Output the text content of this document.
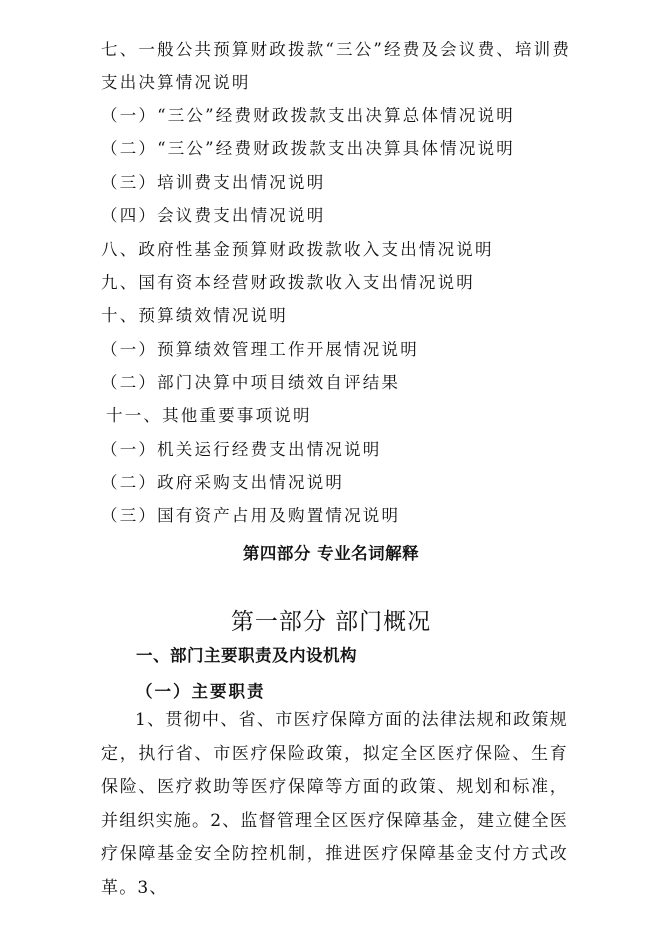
七、一般公共预算财政拨款“三公”经费及会议费、培训费
支出决算情况说明
（一）“三公”经费财政拨款支出决算总体情况说明
（二）“三公”经费财政拨款支出决算具体情况说明
（三）培训费支出情况说明
（四）会议费支出情况说明
八、政府性基金预算财政拨款收入支出情况说明
九、国有资本经营财政拨款收入支出情况说明
十、预算绩效情况说明
（一）预算绩效管理工作开展情况说明
（二）部门决算中项目绩效自评结果
十一、其他重要事项说明
（一）机关运行经费支出情况说明
（二）政府采购支出情况说明
（三）国有资产占用及购置情况说明
第四部分 专业名词解释
第一部分 部门概况
一、部门主要职责及内设机构
（一）主要职责
1、贯彻中、省、市医疗保障方面的法律法规和政策规定，执行省、市医疗保险政策，拟定全区医疗保险、生育保险、医疗救助等医疗保障等方面的政策、规划和标准，并组织实施。2、监督管理全区医疗保障基金，建立健全医疗保障基金安全防控机制，推进医疗保障基金支付方式改革。3、
